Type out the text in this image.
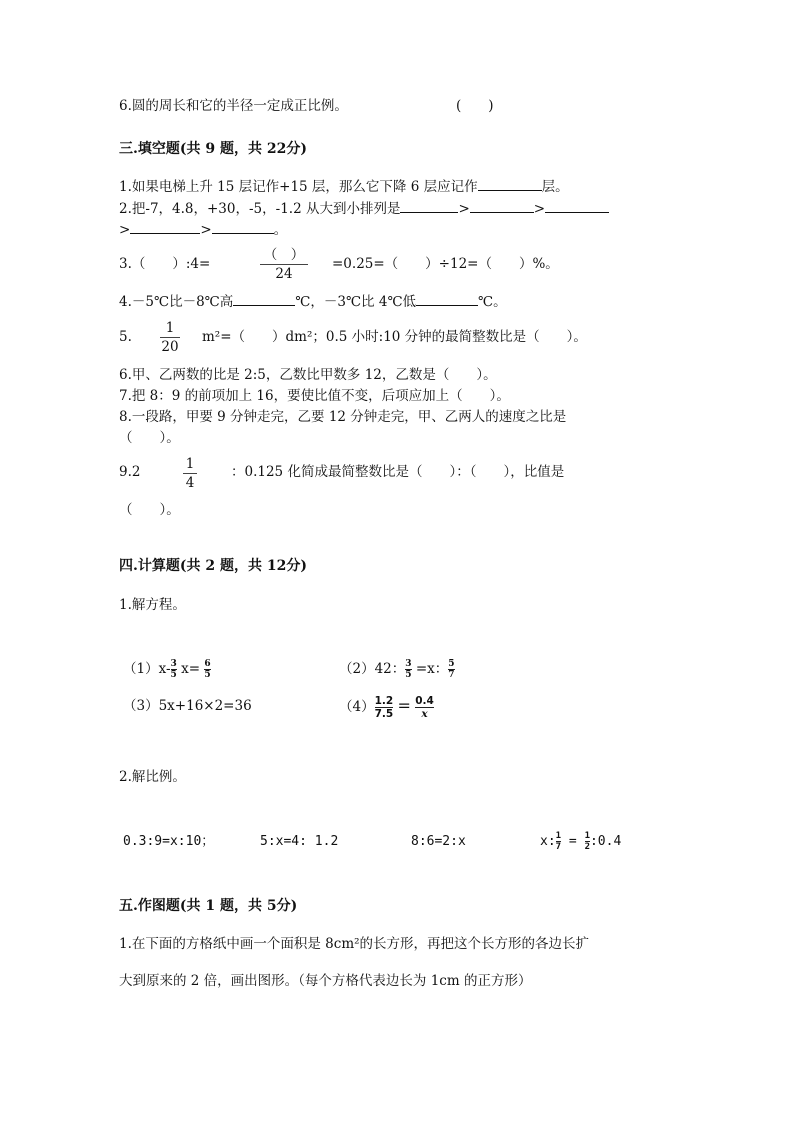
6.圆的周长和它的半径一定成正比例。	(　　)
三.填空题(共 9 题，共 22分)
1.如果电梯上升 15 层记作+15 层，那么它下降 6 层应记作	层。
2.把-7，4.8，+30，-5，-1.2 从大到小排列是	>	>
>	>	。
3.（　　）:4=
（　）
24
=0.25=（　　）÷12=（　　）%。
4.－5℃比－8℃高	℃，－3℃比 4℃低	℃。
5.
1
20
m²=（　　）dm²；0.5 小时:10 分钟的最简整数比是（　　）。
6.甲、乙两数的比是 2:5，乙数比甲数多 12，乙数是（　　）。
7.把 8：9 的前项加上 16，要使比值不变，后项应加上（　　）。
8.一段路，甲要 9 分钟走完，乙要 12 分钟走完，甲、乙两人的速度之比是
（　　）。
9.2	1
4
：0.125 化简成最简整数比是（　　）：（　　），比值是
（　　）。
四.计算题(共 2 题，共 12分)
1.解方程。
$(1)x-\frac{3}{5} x= \frac{6}{5}$	（2）42：$\frac{3}{5} =x$：$\frac{5}{7}$
（3）5x+16×2=36	$(4)\frac{1.2}{7.5} = \frac{0.4}{x}$
2.解比例。
0.3:9=x:10；	5:x=4: 1.2	8:6=2:x	$x:\frac{1}{7}$ = $\frac{1}{2}:0.4$
五.作图题(共 1 题，共 5分)
1.在下面的方格纸中画一个面积是 8cm²的长方形，再把这个长方形的各边长扩
大到原来的 2 倍，画出图形。（每个方格代表边长为 1cm 的正方形）
